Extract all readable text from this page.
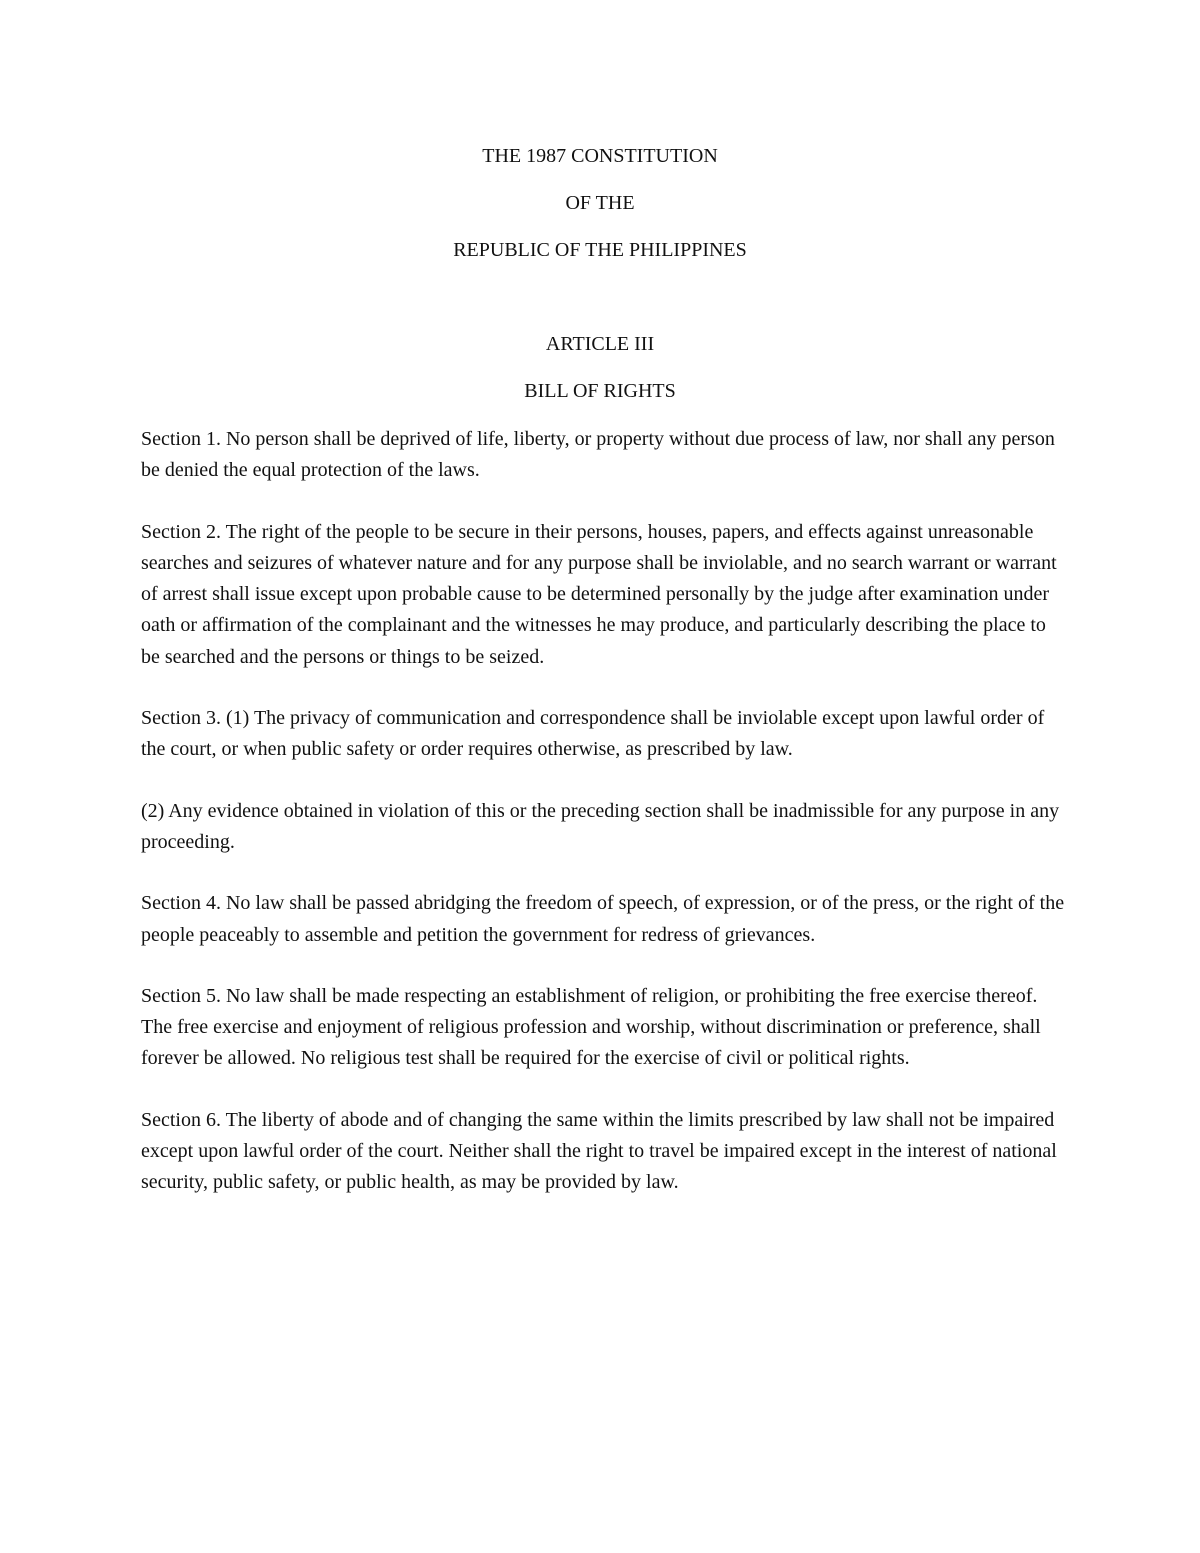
THE 1987 CONSTITUTION
OF THE
REPUBLIC OF THE PHILIPPINES
ARTICLE III
BILL OF RIGHTS

Section 1. No person shall be deprived of life, liberty, or property without due process of law, nor shall any person be denied the equal protection of the laws.

Section 2. The right of the people to be secure in their persons, houses, papers, and effects against unreasonable searches and seizures of whatever nature and for any purpose shall be inviolable, and no search warrant or warrant of arrest shall issue except upon probable cause to be determined personally by the judge after examination under oath or affirmation of the complainant and the witnesses he may produce, and particularly describing the place to be searched and the persons or things to be seized.

Section 3. (1) The privacy of communication and correspondence shall be inviolable except upon lawful order of the court, or when public safety or order requires otherwise, as prescribed by law.

(2) Any evidence obtained in violation of this or the preceding section shall be inadmissible for any purpose in any proceeding.

Section 4. No law shall be passed abridging the freedom of speech, of expression, or of the press, or the right of the people peaceably to assemble and petition the government for redress of grievances.

Section 5. No law shall be made respecting an establishment of religion, or prohibiting the free exercise thereof. The free exercise and enjoyment of religious profession and worship, without discrimination or preference, shall forever be allowed. No religious test shall be required for the exercise of civil or political rights.

Section 6. The liberty of abode and of changing the same within the limits prescribed by law shall not be impaired except upon lawful order of the court. Neither shall the right to travel be impaired except in the interest of national security, public safety, or public health, as may be provided by law.
